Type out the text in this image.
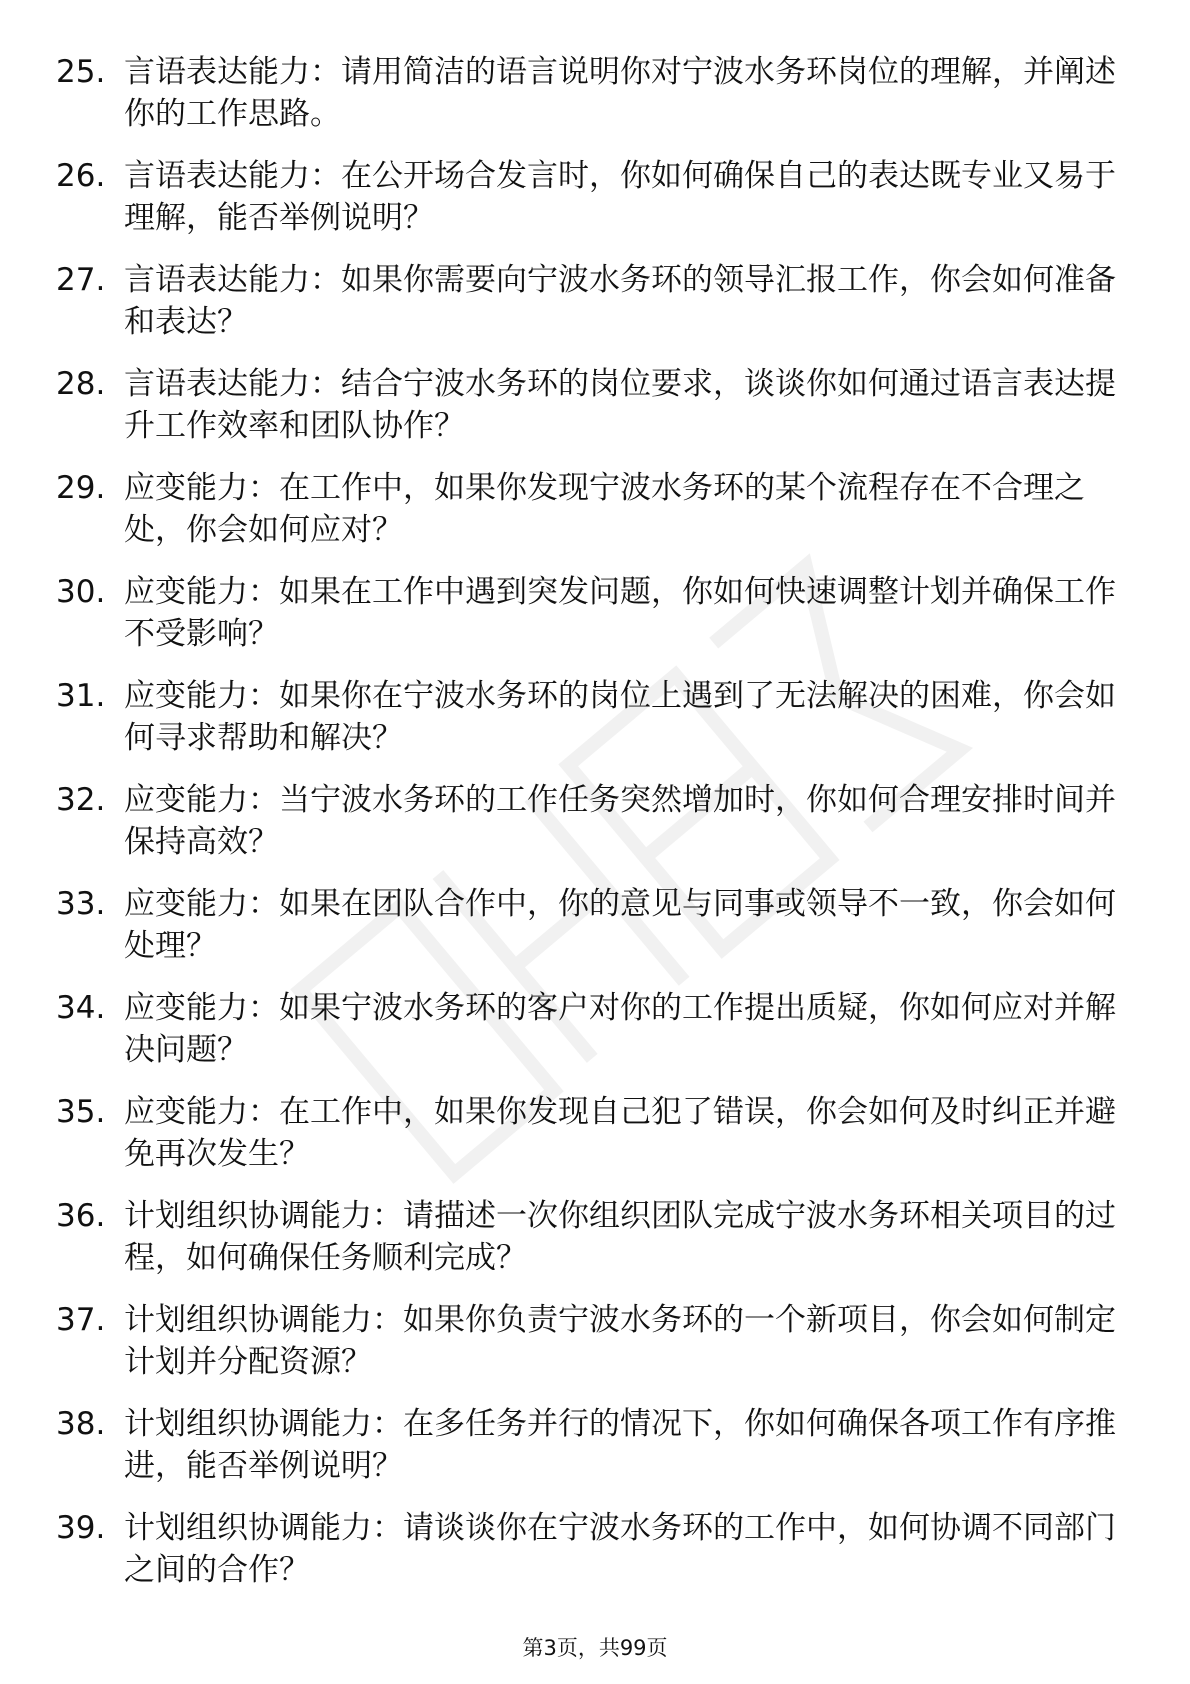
25. 言语表达能力：请用简洁的语言说明你对宁波水务环岗位的理解，并阐述你的工作思路。
26. 言语表达能力：在公开场合发言时，你如何确保自己的表达既专业又易于理解，能否举例说明？
27. 言语表达能力：如果你需要向宁波水务环的领导汇报工作，你会如何准备和表达？
28. 言语表达能力：结合宁波水务环的岗位要求，谈谈你如何通过语言表达提升工作效率和团队协作？
29. 应变能力：在工作中，如果你发现宁波水务环的某个流程存在不合理之处，你会如何应对？
30. 应变能力：如果在工作中遇到突发问题，你如何快速调整计划并确保工作不受影响？
31. 应变能力：如果你在宁波水务环的岗位上遇到了无法解决的困难，你会如何寻求帮助和解决？
32. 应变能力：当宁波水务环的工作任务突然增加时，你如何合理安排时间并保持高效？
33. 应变能力：如果在团队合作中，你的意见与同事或领导不一致，你会如何处理？
34. 应变能力：如果宁波水务环的客户对你的工作提出质疑，你如何应对并解决问题？
35. 应变能力：在工作中，如果你发现自己犯了错误，你会如何及时纠正并避免再次发生？
36. 计划组织协调能力：请描述一次你组织团队完成宁波水务环相关项目的过程，如何确保任务顺利完成？
37. 计划组织协调能力：如果你负责宁波水务环的一个新项目，你会如何制定计划并分配资源？
38. 计划组织协调能力：在多任务并行的情况下，你如何确保各项工作有序推进，能否举例说明？
39. 计划组织协调能力：请谈谈你在宁波水务环的工作中，如何协调不同部门之间的合作？
第3页，共99页
